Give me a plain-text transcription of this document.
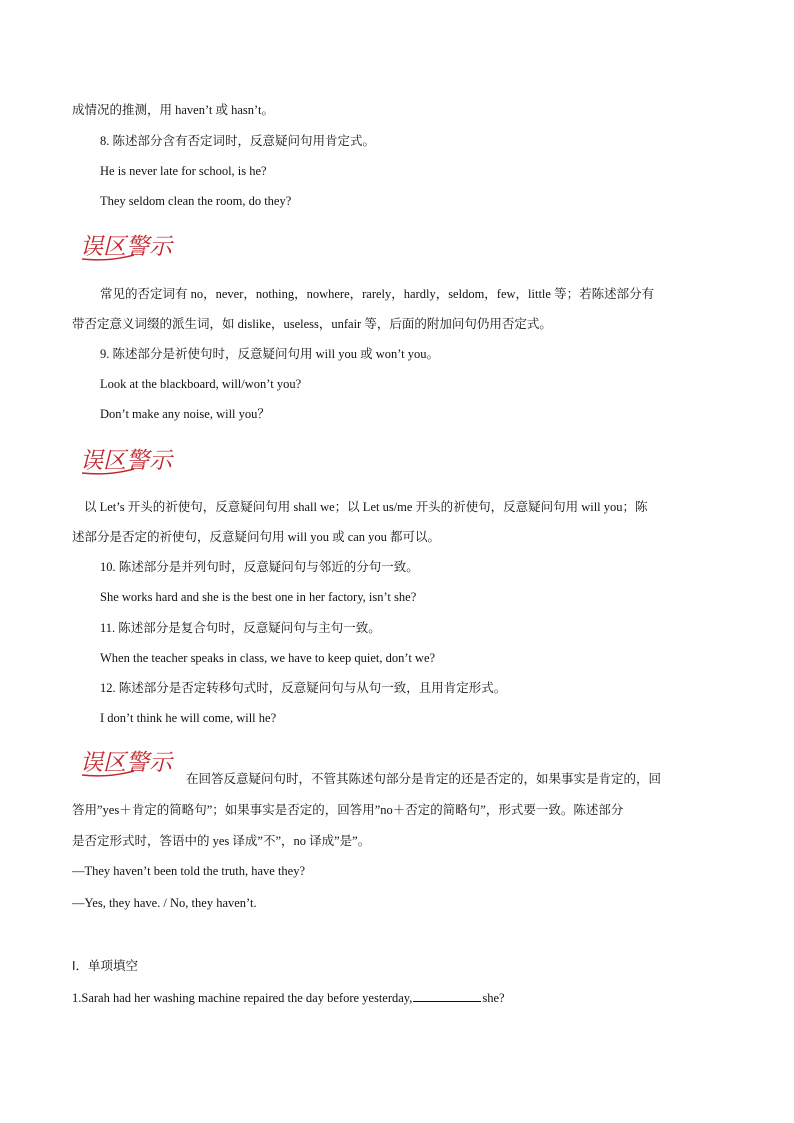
成情况的推测，用 haven’t 或 hasn’t。
8. 陈述部分含有否定词时，反意疑问句用肯定式。
He is never late for school, is he?
They seldom clean the room, do they?
误区警示
常见的否定词有 no，never，nothing，nowhere，rarely，hardly，seldom，few，little 等；若陈述部分有
带否定意义词缀的派生词，如 dislike，useless，unfair 等，后面的附加问句仍用否定式。
9. 陈述部分是祈使句时，反意疑问句用 will you 或 won’t you。
Look at the blackboard, will/won’t you?
Don’t make any noise, will you？
误区警示
以 Let’s 开头的祈使句，反意疑问句用 shall we；以 Let us/me 开头的祈使句，反意疑问句用 will you；陈
述部分是否定的祈使句，反意疑问句用 will you 或 can you 都可以。
10. 陈述部分是并列句时，反意疑问句与邻近的分句一致。
She works hard and she is the best one in her factory, isn’t she?
11. 陈述部分是复合句时，反意疑问句与主句一致。
When the teacher speaks in class, we have to keep quiet, don’t we?
12. 陈述部分是否定转移句式时，反意疑问句与从句一致，且用肯定形式。
I don’t think he will come, will he?
误区警示
在回答反意疑问句时，不管其陈述句部分是肯定的还是否定的，如果事实是肯定的，回
答用”yes＋肯定的简略句”；如果事实是否定的，回答用”no＋否定的简略句”，形式要一致。陈述部分
是否定形式时，答语中的 yes 译成”不”，no 译成”是”。
—They haven’t been told the truth, have they?
—Yes, they have. / No, they haven’t.
I．单项填空
1.Sarah had her washing machine repaired the day before yesterday,	she?
